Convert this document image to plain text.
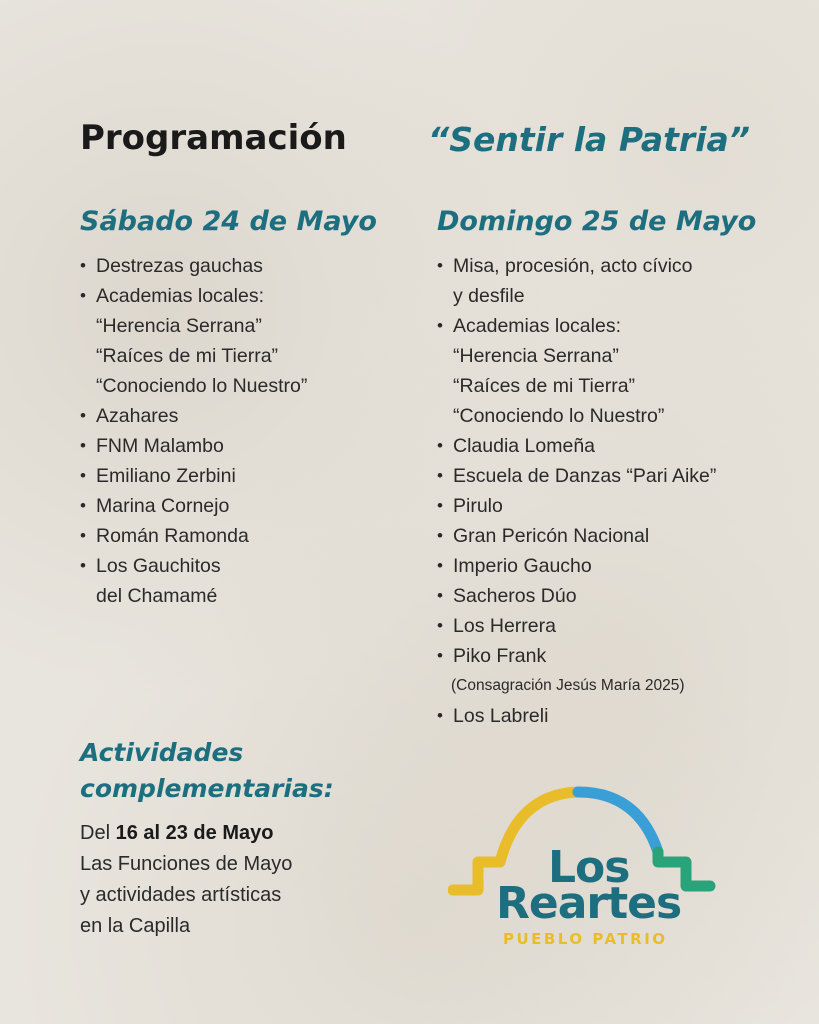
Programación “Sentir la Patria”
Sábado 24 de Mayo
• Destrezas gauchas
• Academias locales:
“Herencia Serrana”
“Raíces de mi Tierra”
“Conociendo lo Nuestro”
• Azahares
• FNM Malambo
• Emiliano Zerbini
• Marina Cornejo
• Román Ramonda
• Los Gauchitos
del Chamamé
Domingo 25 de Mayo
• Misa, procesión, acto cívico
y desfile
• Academias locales:
“Herencia Serrana”
“Raíces de mi Tierra”
“Conociendo lo Nuestro”
• Claudia Lomeña
• Escuela de Danzas “Pari Aike”
• Pirulo
• Gran Pericón Nacional
• Imperio Gaucho
• Sacheros Dúo
• Los Herrera
• Piko Frank
(Consagración Jesús María 2025)
• Los Labreli
Actividades complementarias:
Del 16 al 23 de Mayo
Las Funciones de Mayo
y actividades artísticas
en la Capilla
Los
Reartes
PUEBLO PATRIO
